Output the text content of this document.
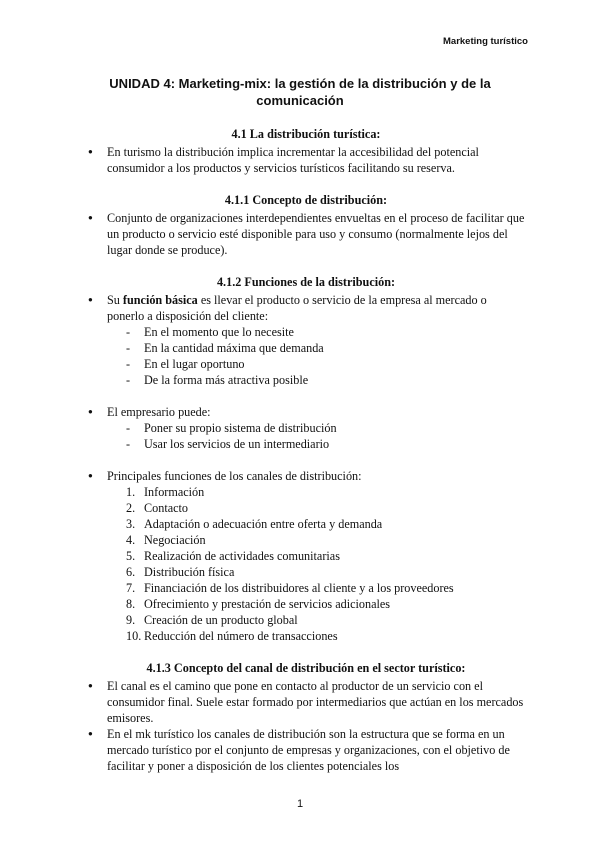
Marketing turístico
UNIDAD 4: Marketing-mix: la gestión de la distribución y de la
comunicación
4.1 La distribución turística:

● En turismo la distribución implica incrementar la accesibilidad del potencial consumidor a los productos y servicios turísticos facilitando su reserva.

4.1.1 Concepto de distribución:

● Conjunto de organizaciones interdependientes envueltas en el proceso de facilitar que un producto o servicio esté disponible para uso y consumo (normalmente lejos del lugar donde se produce).

4.1.2 Funciones de la distribución:

● Su función básica es llevar el producto o servicio de la empresa al mercado o ponerlo a disposición del cliente:

- En el momento que lo necesite
- En la cantidad máxima que demanda
- En el lugar oportuno
- De la forma más atractiva posible

● El empresario puede:

- Poner su propio sistema de distribución
- Usar los servicios de un intermediario

● Principales funciones de los canales de distribución:

1. Información
2. Contacto
3. Adaptación o adecuación entre oferta y demanda
4. Negociación
5. Realización de actividades comunitarias
6. Distribución física
7. Financiación de los distribuidores al cliente y a los proveedores
8. Ofrecimiento y prestación de servicios adicionales
9. Creación de un producto global
10. Reducción del número de transacciones
4.1.3 Concepto del canal de distribución en el sector turístico:

● El canal es el camino que pone en contacto al productor de un servicio con el consumidor final. Suele estar formado por intermediarios que actúan en los mercados emisores.

● En el mk turístico los canales de distribución son la estructura que se forma en un mercado turístico por el conjunto de empresas y organizaciones, con el objetivo de facilitar y poner a disposición de los clientes potenciales los

1
